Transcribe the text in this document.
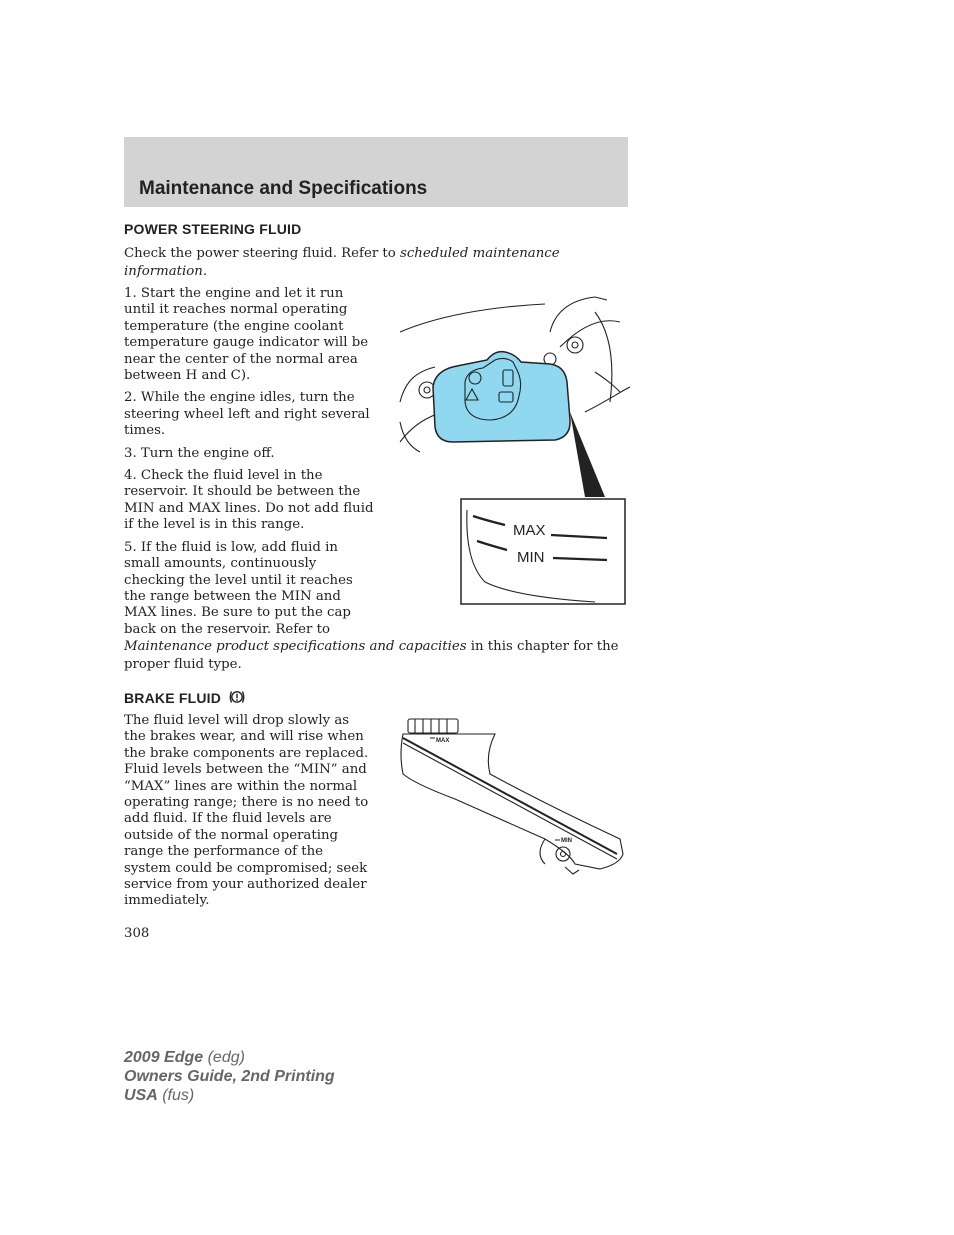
Maintenance and Specifications
POWER STEERING FLUID
Check the power steering fluid. Refer to scheduled maintenance information.

1. Start the engine and let it run until it reaches normal operating temperature (the engine coolant temperature gauge indicator will be near the center of the normal area between H and C).

2. While the engine idles, turn the steering wheel left and right several times.

3. Turn the engine off.

4. Check the fluid level in the reservoir. It should be between the MIN and MAX lines. Do not add fluid if the level is in this range.

5. If the fluid is low, add fluid in small amounts, continuously checking the level until it reaches the range between the MIN and MAX lines. Be sure to put the cap back on the reservoir. Refer to

Maintenance product specifications and capacities in this chapter for the proper fluid type.
MAX
MIN
BRAKE FLUID
The fluid level will drop slowly as the brakes wear, and will rise when the brake components are replaced. Fluid levels between the “MIN” and “MAX” lines are within the normal operating range; there is no need to add fluid. If the fluid levels are outside of the normal operating range the performance of the system could be compromised; seek service from your authorized dealer immediately.
MAX
MIN
308
2009 Edge (edg)
Owners Guide, 2nd Printing
USA (fus)
